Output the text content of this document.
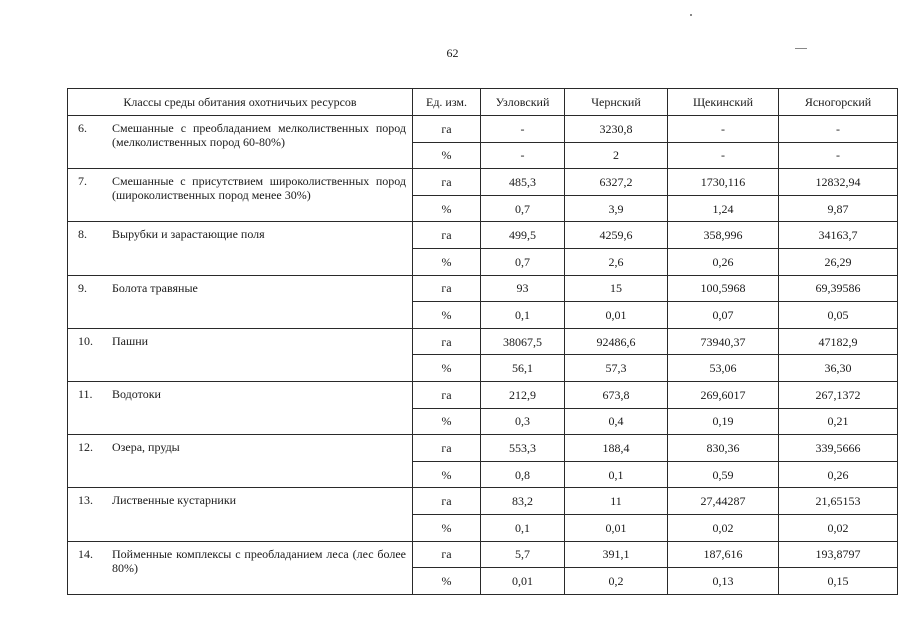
62
Классы среды обитания охотничьих ресурсов	Ед. изм.	Узловский	Чернский	Щекинский	Ясногорский

6. Смешанные с преобладанием мелколиственных пород (мелколиственных пород 60-80%)	га	-	3230,8	-	-
	%	-	2	-	-

7. Смешанные с присутствием широколиственных пород (широколиственных пород менее 30%)	га	485,3	6327,2	1730,116	12832,94
	%	0,7	3,9	1,24	9,87

8. Вырубки и зарастающие поля	га	499,5	4259,6	358,996	34163,7
	%	0,7	2,6	0,26	26,29

9. Болота травяные	га	93	15	100,5968	69,39586
	%	0,1	0,01	0,07	0,05

10. Пашни	га	38067,5	92486,6	73940,37	47182,9
	%	56,1	57,3	53,06	36,30

11. Водотоки	га	212,9	673,8	269,6017	267,1372
	%	0,3	0,4	0,19	0,21

12. Озера, пруды	га	553,3	188,4	830,36	339,5666
	%	0,8	0,1	0,59	0,26

13. Лиственные кустарники	га	83,2	11	27,44287	21,65153
	%	0,1	0,01	0,02	0,02

14. Пойменные комплексы с преобладанием леса (лес более 80%)	га	5,7	391,1	187,616	193,8797
	%	0,01	0,2	0,13	0,15
